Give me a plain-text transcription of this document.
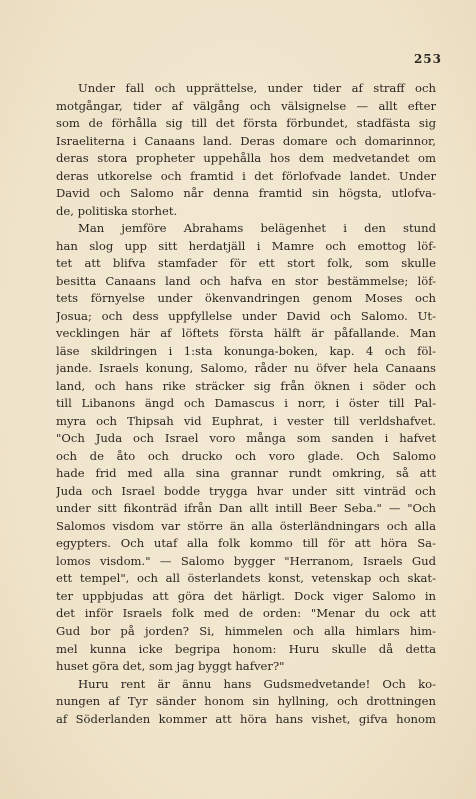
253
Under fall och upprättelse, under tider af straff och
motgångar, tider af välgång och välsignelse — allt efter
som de förhålla sig till det första förbundet, stadfästa sig
Israeliterna i Canaans land. Deras domare och domarinnor,
deras stora propheter uppehålla hos dem medvetandet om
deras utkorelse och framtid i det förlofvade landet. Under
David och Salomo når denna framtid sin högsta, utlofva-
de, politiska storhet.
Man jemföre Abrahams belägenhet i den stund
han slog upp sitt herdatjäll i Mamre och emottog löf-
tet att blifva stamfader för ett stort folk, som skulle
besitta Canaans land och hafva en stor bestämmelse; löf-
tets förnyelse under ökenvandringen genom Moses och
Josua; och dess uppfyllelse under David och Salomo. Ut-
vecklingen här af löftets första hälft är påfallande. Man
läse skildringen i 1:sta konunga-boken, kap. 4 och föl-
jande. Israels konung, Salomo, råder nu öfver hela Canaans
land, och hans rike sträcker sig från öknen i söder och
till Libanons ängd och Damascus i norr, i öster till Pal-
myra och Thipsah vid Euphrat, i vester till verldshafvet.
"Och Juda och Israel voro många som sanden i hafvet
och de åto och drucko och voro glade. Och Salomo
hade frid med alla sina grannar rundt omkring, så att
Juda och Israel bodde trygga hvar under sitt vinträd och
under sitt fikonträd ifrån Dan allt intill Beer Seba." — "Och
Salomos visdom var större än alla österländningars och alla
egypters. Och utaf alla folk kommo till för att höra Sa-
lomos visdom." — Salomo bygger "Herranom, Israels Gud
ett tempel", och all österlandets konst, vetenskap och skat-
ter uppbjudas att göra det härligt. Dock viger Salomo in
det inför Israels folk med de orden: "Menar du ock att
Gud bor på jorden? Si, himmelen och alla himlars him-
mel kunna icke begripa honom: Huru skulle då detta
huset göra det, som jag byggt hafver?"
Huru rent är ännu hans Gudsmedvetande! Och ko-
nungen af Tyr sänder honom sin hyllning, och drottningen
af Söderlanden kommer att höra hans vishet, gifva honom
